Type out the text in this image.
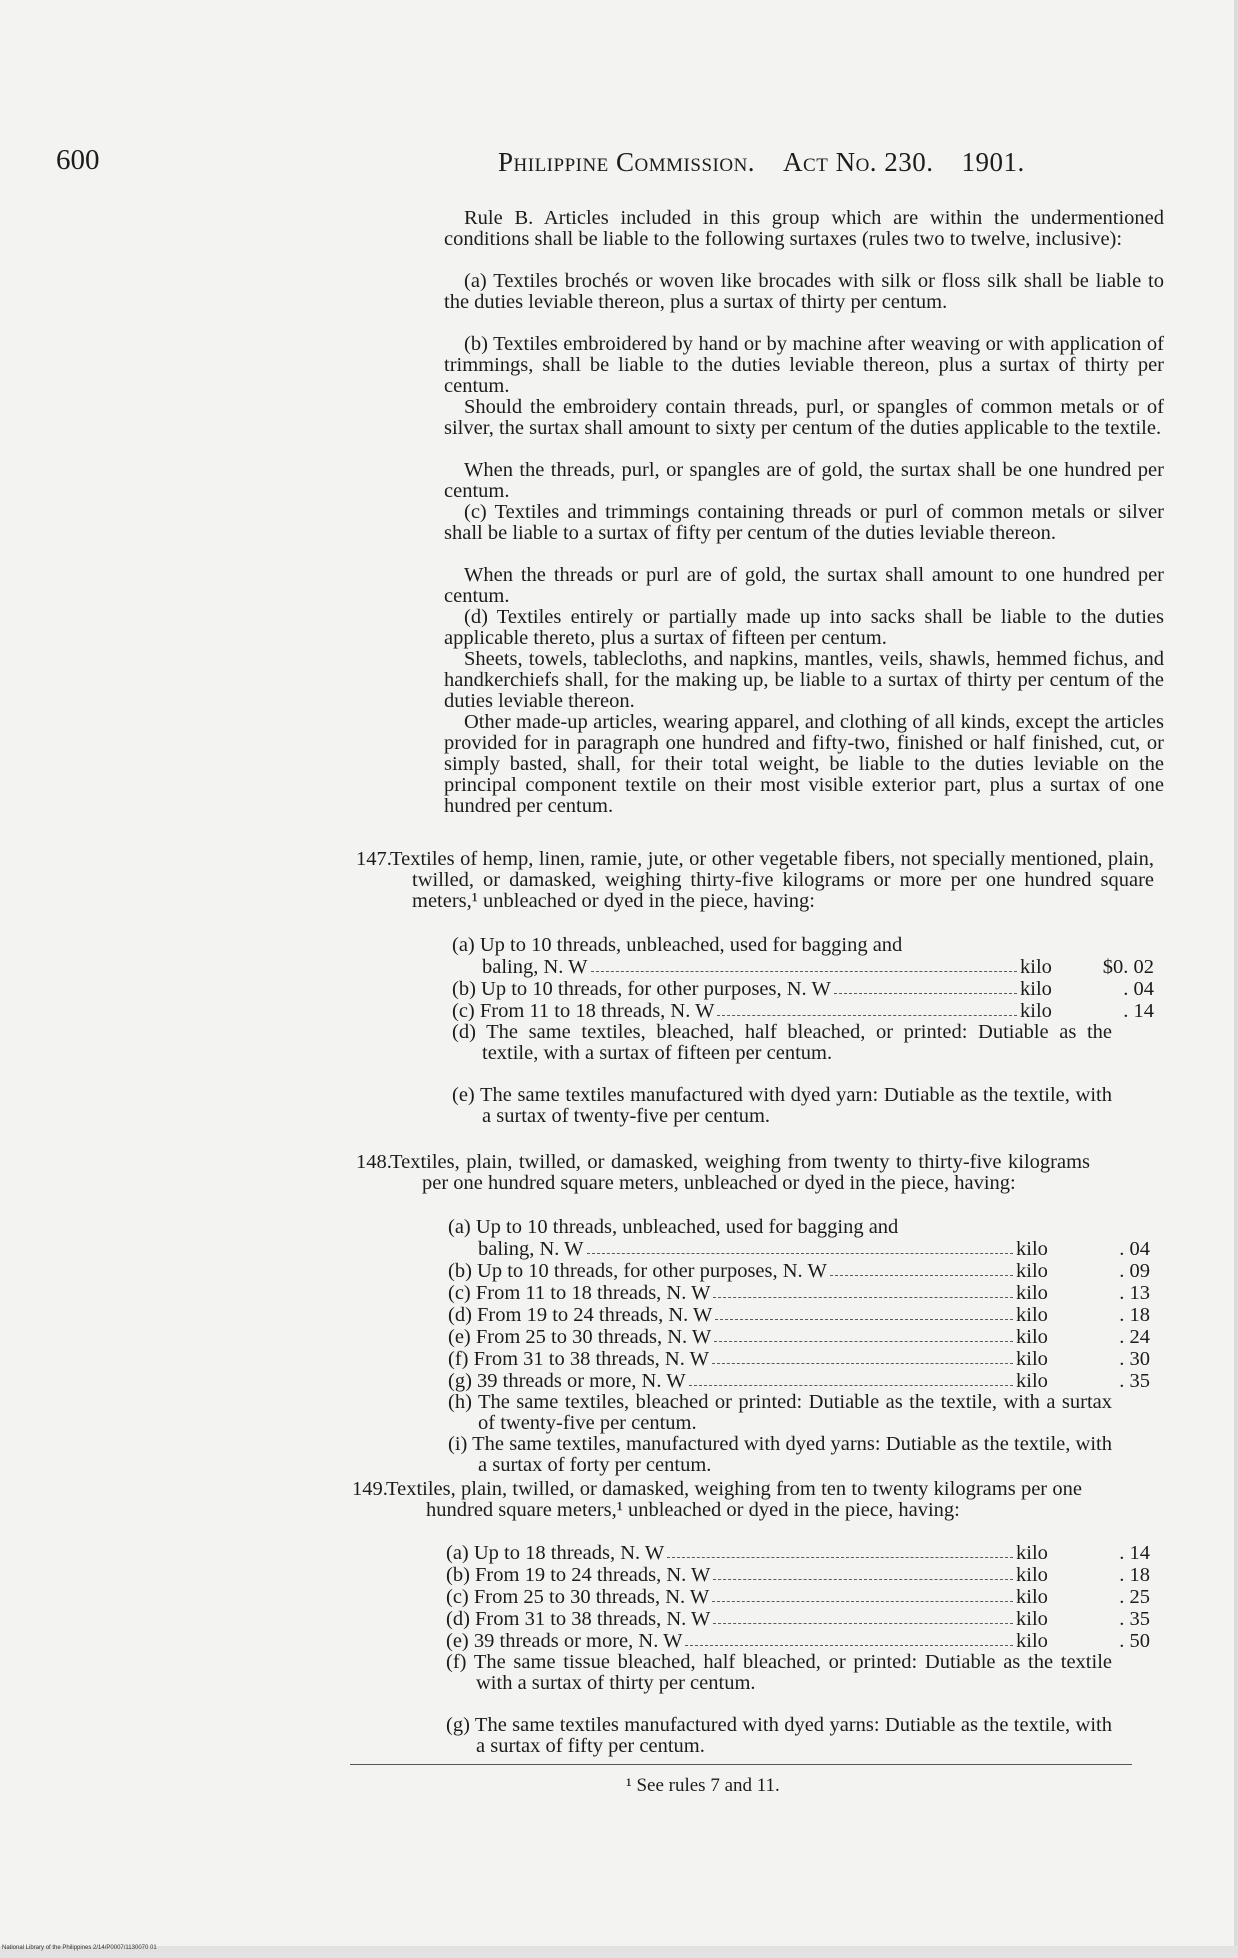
600	Philippine Commission. Act No. 230. 1901.
Rule B. Articles included in this group which are within the undermentioned conditions shall be liable to the following surtaxes (rules two to twelve, inclusive):
(a) Textiles brochés or woven like brocades with silk or floss silk shall be liable to the duties leviable thereon, plus a surtax of thirty per centum.
(b) Textiles embroidered by hand or by machine after weaving or with application of trimmings, shall be liable to the duties leviable thereon, plus a surtax of thirty per centum.
Should the embroidery contain threads, purl, or spangles of common metals or of silver, the surtax shall amount to sixty per centum of the duties applicable to the textile.
When the threads, purl, or spangles are of gold, the surtax shall be one hundred per centum.
(c) Textiles and trimmings containing threads or purl of common metals or silver shall be liable to a surtax of fifty per centum of the duties leviable thereon.
When the threads or purl are of gold, the surtax shall amount to one hundred per centum.
(d) Textiles entirely or partially made up into sacks shall be liable to the duties applicable thereto, plus a surtax of fifteen per centum.
Sheets, towels, tablecloths, and napkins, mantles, veils, shawls, hemmed fichus, and handkerchiefs shall, for the making up, be liable to a surtax of thirty per centum of the duties leviable thereon.
Other made-up articles, wearing apparel, and clothing of all kinds, except the articles provided for in paragraph one hundred and fifty-two, finished or half finished, cut, or simply basted, shall, for their total weight, be liable to the duties leviable on the principal component textile on their most visible exterior part, plus a surtax of one hundred per centum.
147.
Textiles of hemp, linen, ramie, jute, or other vegetable fibers, not specially mentioned, plain, twilled, or damasked, weighing thirty-five kilograms or more per one hundred square meters,¹ unbleached or dyed in the piece, having:
(a) Up to 10 threads, unbleached, used for bagging and
baling, N. W	kilo	$0. 02
(b) Up to 10 threads, for other purposes, N. W	kilo	. 04
(c) From 11 to 18 threads, N. W	kilo	. 14
(d) The same textiles, bleached, half bleached, or printed: Dutiable as the textile, with a surtax of fifteen per centum.
(e) The same textiles manufactured with dyed yarn: Dutiable as the textile, with a surtax of twenty-five per centum.
148.
Textiles, plain, twilled, or damasked, weighing from twenty to thirty-five kilograms per one hundred square meters, unbleached or dyed in the piece, having:
(a) Up to 10 threads, unbleached, used for bagging and
baling, N. W	kilo	. 04
(b) Up to 10 threads, for other purposes, N. W	kilo	. 09
(c) From 11 to 18 threads, N. W	kilo	. 13
(d) From 19 to 24 threads, N. W	kilo	. 18
(e) From 25 to 30 threads, N. W	kilo	. 24
(f) From 31 to 38 threads, N. W	kilo	. 30
(g) 39 threads or more, N. W	kilo	. 35
(h) The same textiles, bleached or printed: Dutiable as the textile, with a surtax of twenty-five per centum.
(i) The same textiles, manufactured with dyed yarns: Dutiable as the textile, with a surtax of forty per centum.
149.
Textiles, plain, twilled, or damasked, weighing from ten to twenty kilograms per one hundred square meters,¹ unbleached or dyed in the piece, having:
(a) Up to 18 threads, N. W	kilo	. 14
(b) From 19 to 24 threads, N. W	kilo	. 18
(c) From 25 to 30 threads, N. W	kilo	. 25
(d) From 31 to 38 threads, N. W	kilo	. 35
(e) 39 threads or more, N. W	kilo	. 50
(f) The same tissue bleached, half bleached, or printed: Dutiable as the textile with a surtax of thirty per centum.
(g) The same textiles manufactured with dyed yarns: Dutiable as the textile, with a surtax of fifty per centum.
¹ See rules 7 and 11.
National Library of the Philippines 2/14/P0007/1130070 01
